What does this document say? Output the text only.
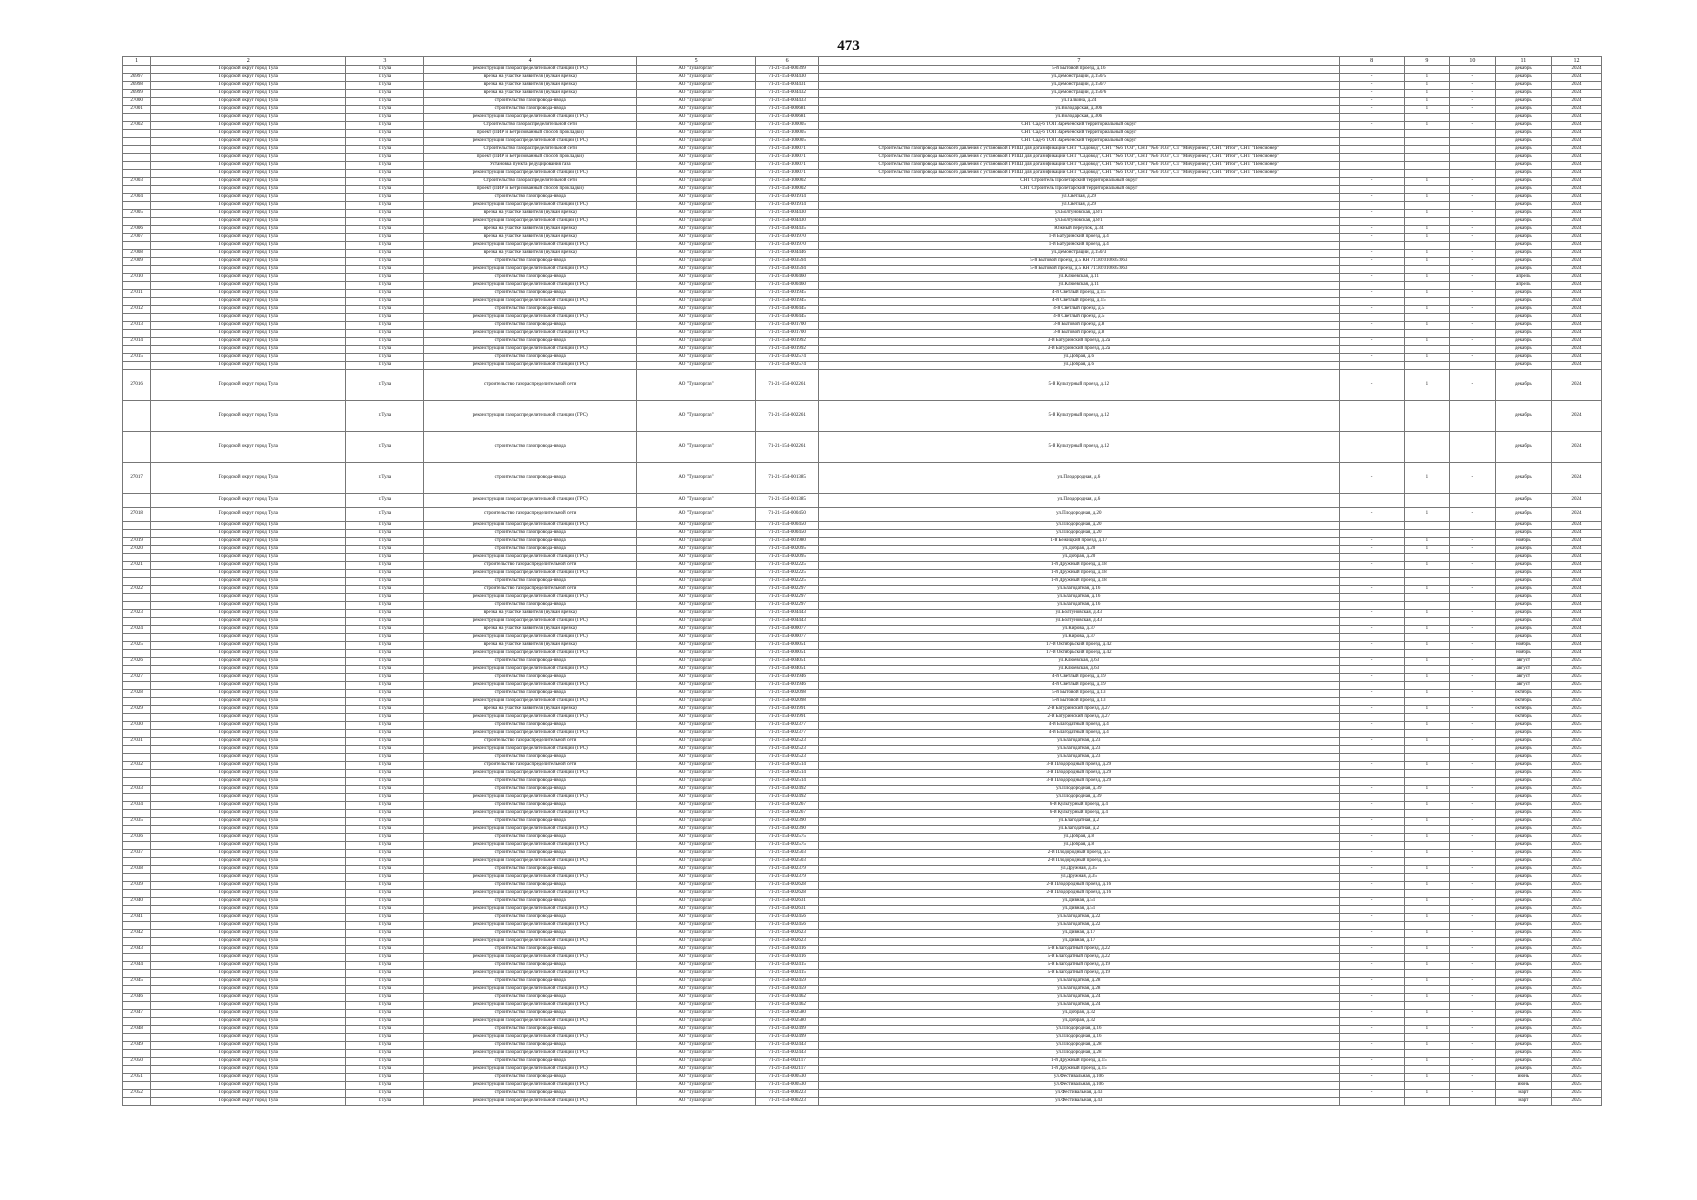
473
1	2	3	4	5	6	7	8	9	10	11	12
	Городской округ город Тула	г.Тула	реконструкция газораспределительной станции (ГРС)	АО "Тулагоргаз"	71-21-154-000399	5-й Бытовой проезд, д.16				декабрь	2024
26997	Городской округ город Тула	г.Тула	врезка на участке заявителя (вулкан врезка)	АО "Тулагоргаз"	71-21-154-004430	ул.Демонстрации, д.150/5	-	1	-	декабрь	2024
26998	Городской округ город Тула	г.Тула	врезка на участке заявителя (вулкан врезка)	АО "Тулагоргаз"	71-21-154-004431	ул.Демонстрации, д.150/7	-	1	-	декабрь	2024
26999	Городской округ город Тула	г.Тула	врезка на участке заявителя (вулкан врезка)	АО "Тулагоргаз"	71-21-154-004432	ул.Демонстрации, д.150/6	-	1	-	декабрь	2024
27000	Городской округ город Тула	г.Тула	строительство газопровода-ввода	АО "Тулагоргаз"	71-21-154-004433	ул.Галкина, д.24	-	1	-	декабрь	2024
27001	Городской округ город Тула	г.Тула	строительство газопровода-ввода	АО "Тулагоргаз"	71-21-154-000681	ул.Володарская, д.30б	-	1	-	декабрь	2024
	Городской округ город Тула	г.Тула	реконструкция газораспределительной станции (ГРС)	АО "Тулагоргаз"	71-21-154-000681	ул.Володарская, д.30б				декабрь	2024
27002	Городской округ город Тула	г.Тула	Строительство газораспределительной сети	АО "Тулагоргаз"	71-21-154-100005	СНТ Сад-6 ТОП Зареченский территориальный округ	-	1	-	декабрь	2024
	Городской округ город Тула	г.Тула	проект (ПИР и Бетризованный способ прокладки)	АО "Тулагоргаз"	71-21-154-100005	СНТ Сад-6 ТОП Зареченский территориальный округ				декабрь	2024
	Городской округ город Тула	г.Тула	реконструкция газораспределительной станции (ГРС)	АО "Тулагоргаз"	71-21-154-100005	СНТ Сад-6 ТОП Зареченский территориальный округ				декабрь	2024
	Городской округ город Тула	г.Тула	Строительство газораспределительной сети	АО "Тулагоргаз"	71-21-154-100071	Строительство газопровода высокого давления с установкой ГРПШ для догазификации СНТ "Садовод", СНТ "№6 ТОЗ", СНТ "№6 ТОЗ", СТ "Мичуринец", СНТ "Итог", СНТ "Пенсионер"				декабрь	2024
	Городской округ город Тула	г.Тула	проект (ПИР и Бетризованный способ прокладки)	АО "Тулагоргаз"	71-21-154-100071	Строительство газопровода высокого давления с установкой ГРПШ для догазификации СНТ "Садовод", СНТ "№6 ТОЗ", СНТ "№6 ТОЗ", СТ "Мичуринец", СНТ "Итог", СНТ "Пенсионер"				декабрь	2024
	Городской округ город Тула	г.Тула	Установка пункта редуцирования газа	АО "Тулагоргаз"	71-21-154-100071	Строительство газопровода высокого давления с установкой ГРПШ для догазификации СНТ "Садовод", СНТ "№6 ТОЗ", СНТ "№6 ТОЗ", СТ "Мичуринец", СНТ "Итог", СНТ "Пенсионер"				декабрь	2024
	Городской округ город Тула	г.Тула	реконструкция газораспределительной станции (ГРС)	АО "Тулагоргаз"	71-21-154-100071	Строительство газопровода высокого давления с установкой ГРПШ для догазификации СНТ "Садовод", СНТ "№6 ТОЗ", СНТ "№6 ТОЗ", СТ "Мичуринец", СНТ "Итог", СНТ "Пенсионер"				декабрь	2024
27003	Городской округ город Тула	г.Тула	Строительство газораспределительной сети	АО "Тулагоргаз"	71-21-154-100002	СНТ Строитель Пролетарский территориальный округ	-	1	-	декабрь	2024
	Городской округ город Тула	г.Тула	проект (ПИР и Бетризованный способ прокладки)	АО "Тулагоргаз"	71-21-154-100002	СНТ Строитель Пролетарский территориальный округ				декабрь	2024
27004	Городской округ город Тула	г.Тула	строительство газопровода-ввода	АО "Тулагоргаз"	71-21-154-001914	ул.Светлая, д.29	-	1	-	декабрь	2024
	Городской округ город Тула	г.Тула	реконструкция газораспределительной станции (ГРС)	АО "Тулагоргаз"	71-21-154-001914	ул.Светлая, д.29				декабрь	2024
27005	Городской округ город Тула	г.Тула	врезка на участке заявителя (вулкан врезка)	АО "Тулагоргаз"	71-21-154-004430	ул.Болтуновская, д.8/1	-	1	-	декабрь	2024
	Городской округ город Тула	г.Тула	реконструкция газораспределительной станции (ГРС)	АО "Тулагоргаз"	71-21-154-004430	ул.Болтуновская, д.8/1				декабрь	2024
27006	Городской округ город Тула	г.Тула	врезка на участке заявителя (вулкан врезка)	АО "Тулагоргаз"	71-21-154-004435	Южный переулок, д.34	-	1	-	декабрь	2024
27007	Городской округ город Тула	г.Тула	врезка на участке заявителя (вулкан врезка)	АО "Тулагоргаз"	71-21-154-001970	1-й Батуринский проезд, д.4	-	1	-	декабрь	2024
	Городской округ город Тула	г.Тула	реконструкция газораспределительной станции (ГРС)	АО "Тулагоргаз"	71-21-154-001970	1-й Батуринский проезд, д.4				декабрь	2024
27008	Городской округ город Тула	г.Тула	врезка на участке заявителя (вулкан врезка)	АО "Тулагоргаз"	71-21-154-004446	ул.Демонстрации, д.150/3	-	1	-	декабрь	2024
27009	Городской округ город Тула	г.Тула	строительство газопровода-ввода	АО "Тулагоргаз"	71-21-154-003594	5-й Бытовой проезд, д.5 КН 71:30:010605:063	-	1	-	декабрь	2024
	Городской округ город Тула	г.Тула	реконструкция газораспределительной станции (ГРС)	АО "Тулагоргаз"	71-21-154-003594	5-й Бытовой проезд, д.5 КН 71:30:010605:063				декабрь	2024
27010	Городской округ город Тула	г.Тула	строительство газопровода-ввода	АО "Тулагоргаз"	71-21-154-000460	ул.Клюевская, д.11	-	1	-	апрель	2024
	Городской округ город Тула	г.Тула	реконструкция газораспределительной станции (ГРС)	АО "Тулагоргаз"	71-21-154-000460	ул.Клюевская, д.11				апрель	2024
27011	Городской округ город Тула	г.Тула	строительство газопровода-ввода	АО "Тулагоргаз"	71-21-154-001945	4-й Светлый проезд, д.15	-	1	-	декабрь	2024
	Городской округ город Тула	г.Тула	реконструкция газораспределительной станции (ГРС)	АО "Тулагоргаз"	71-21-154-001945	4-й Светлый проезд, д.15				декабрь	2024
27012	Городской округ город Тула	г.Тула	строительство газопровода-ввода	АО "Тулагоргаз"	71-21-154-000445	4-й Светлый проезд, д.5	-	1	-	декабрь	2024
	Городской округ город Тула	г.Тула	реконструкция газораспределительной станции (ГРС)	АО "Тулагоргаз"	71-21-154-000445	4-й Светлый проезд, д.5				декабрь	2024
27013	Городской округ город Тула	г.Тула	строительство газопровода-ввода	АО "Тулагоргаз"	71-21-154-001700	3-й Бытовой проезд, д.8	-	1	-	декабрь	2024
	Городской округ город Тула	г.Тула	реконструкция газораспределительной станции (ГРС)	АО "Тулагоргаз"	71-21-154-001700	3-й Бытовой проезд, д.8				декабрь	2024
27014	Городской округ город Тула	г.Тула	строительство газопровода-ввода	АО "Тулагоргаз"	71-21-154-001992	3-й Батуринский проезд, д.2а	-	1	-	декабрь	2024
	Городской округ город Тула	г.Тула	реконструкция газораспределительной станции (ГРС)	АО "Тулагоргаз"	71-21-154-001992	3-й Батуринский проезд, д.2а				декабрь	2024
27015	Городской округ город Тула	г.Тула	строительство газопровода-ввода	АО "Тулагоргаз"	71-21-154-002574	ул.Добрая, д.6	-	1	-	декабрь	2024
	Городской округ город Тула	г.Тула	реконструкция газораспределительной станции (ГРС)	АО "Тулагоргаз"	71-21-154-002574	ул.Добрая, д.6				декабрь	2024
27016	Городской округ город Тула	г.Тула	строительство газораспределительной сети	АО "Тулагоргаз"	71-21-154-002261	5-й Культурный проезд, д.12	-	1	-	декабрь	2024
	Городской округ город Тула	г.Тула	реконструкция газораспределительной станции (ГРС)	АО "Тулагоргаз"	71-21-154-002261	5-й Культурный проезд, д.12				декабрь	2024
	Городской округ город Тула	г.Тула	строительство газопровода-ввода	АО "Тулагоргаз"	71-21-154-002261	5-й Культурный проезд, д.12				декабрь	2024
27017	Городской округ город Тула	г.Тула	строительство газопровода-ввода	АО "Тулагоргаз"	71-21-154-001385	ул.Плодородная, д.6	-	1	-	декабрь	2024
	Городской округ город Тула	г.Тула	реконструкция газораспределительной станции (ГРС)	АО "Тулагоргаз"	71-21-154-001385	ул.Плодородная, д.6				декабрь	2024
27018	Городской округ город Тула	г.Тула	строительство газораспределительной сети	АО "Тулагоргаз"	71-21-154-000450	ул.Плодородная, д.20	-	1	-	декабрь	2024
	Городской округ город Тула	г.Тула	реконструкция газораспределительной станции (ГРС)	АО "Тулагоргаз"	71-21-154-000450	ул.Плодородная, д.20				декабрь	2024
	Городской округ город Тула	г.Тула	строительство газопровода-ввода	АО "Тулагоргаз"	71-21-154-000450	ул.Плодородная, д.20				декабрь	2024
27019	Городской округ город Тула	г.Тула	строительство газопровода-ввода	АО "Тулагоргаз"	71-21-154-001980	1-й Бежицкий проезд, д.17	-	1	-	ноябрь	2024
27020	Городской округ город Тула	г.Тула	строительство газопровода-ввода	АО "Тулагоргаз"	71-21-154-002095	ул.Добрая, д.20	-	1	-	декабрь	2024
	Городской округ город Тула	г.Тула	реконструкция газораспределительной станции (ГРС)	АО "Тулагоргаз"	71-21-154-002095	ул.Добрая, д.20				декабрь	2024
27021	Городской округ город Тула	г.Тула	строительство газораспределительной сети	АО "Тулагоргаз"	71-21-154-002225	1-й Дружный проезд, д.18	-	1	-	декабрь	2024
	Городской округ город Тула	г.Тула	реконструкция газораспределительной станции (ГРС)	АО "Тулагоргаз"	71-21-154-002225	1-й Дружный проезд, д.18				декабрь	2024
	Городской округ город Тула	г.Тула	строительство газопровода-ввода	АО "Тулагоргаз"	71-21-154-002225	1-й Дружный проезд, д.18				декабрь	2024
27022	Городской округ город Тула	г.Тула	строительство газораспределительной сети	АО "Тулагоргаз"	71-21-154-002297	ул.Благодатная, д.16	-	1	-	декабрь	2024
	Городской округ город Тула	г.Тула	реконструкция газораспределительной станции (ГРС)	АО "Тулагоргаз"	71-21-154-002297	ул.Благодатная, д.16				декабрь	2024
	Городской округ город Тула	г.Тула	строительство газопровода-ввода	АО "Тулагоргаз"	71-21-154-002297	ул.Благодатная, д.16				декабрь	2024
27023	Городской округ город Тула	г.Тула	врезка на участке заявителя (вулкан врезка)	АО "Тулагоргаз"	71-21-154-004443	ул.Болтуновская, д.43	-	1	-	декабрь	2024
	Городской округ город Тула	г.Тула	реконструкция газораспределительной станции (ГРС)	АО "Тулагоргаз"	71-21-154-004443	ул.Болтуновская, д.43				декабрь	2024
27024	Городской округ город Тула	г.Тула	врезка на участке заявителя (вулкан врезка)	АО "Тулагоргаз"	71-21-154-000077	ул.Кирова, д.37	-	1	-	декабрь	2024
	Городской округ город Тула	г.Тула	реконструкция газораспределительной станции (ГРС)	АО "Тулагоргаз"	71-21-154-000077	ул.Кирова, д.37				декабрь	2024
27025	Городской округ город Тула	г.Тула	врезка на участке заявителя (вулкан врезка)	АО "Тулагоргаз"	71-21-154-000051	17-й Октябрьский проезд, д.42	-	1	-	ноябрь	2024
	Городской округ город Тула	г.Тула	реконструкция газораспределительной станции (ГРС)	АО "Тулагоргаз"	71-21-154-000051	17-й Октябрьский проезд, д.42				ноябрь	2024
27026	Городской округ город Тула	г.Тула	строительство газопровода-ввода	АО "Тулагоргаз"	71-21-154-004051	ул.Клюевская, д.63	-	1	-	август	2025
	Городской округ город Тула	г.Тула	реконструкция газораспределительной станции (ГРС)	АО "Тулагоргаз"	71-21-154-004051	ул.Клюевская, д.63				август	2025
27027	Городской округ город Тула	г.Тула	строительство газопровода-ввода	АО "Тулагоргаз"	71-21-154-001946	4-й Светлый проезд, д.19	-	1	-	август	2025
	Городской округ город Тула	г.Тула	реконструкция газораспределительной станции (ГРС)	АО "Тулагоргаз"	71-21-154-001946	4-й Светлый проезд, д.19				август	2025
27028	Городской округ город Тула	г.Тула	строительство газопровода-ввода	АО "Тулагоргаз"	71-21-154-002098	5-й Бытовой проезд, д.13	-	1	-	октябрь	2025
	Городской округ город Тула	г.Тула	реконструкция газораспределительной станции (ГРС)	АО "Тулагоргаз"	71-21-154-002098	5-й Бытовой проезд, д.13				октябрь	2025
27029	Городской округ город Тула	г.Тула	врезка на участке заявителя (вулкан врезка)	АО "Тулагоргаз"	71-21-154-001991	2-й Батуринский проезд, д.27	-	1	-	октябрь	2025
	Городской округ город Тула	г.Тула	реконструкция газораспределительной станции (ГРС)	АО "Тулагоргаз"	71-21-154-001991	2-й Батуринский проезд, д.27				октябрь	2025
27030	Городской округ город Тула	г.Тула	строительство газопровода-ввода	АО "Тулагоргаз"	71-21-154-002377	4-й Благодатный проезд, д.4	-	1	-	декабрь	2025
	Городской округ город Тула	г.Тула	реконструкция газораспределительной станции (ГРС)	АО "Тулагоргаз"	71-21-154-002377	4-й Благодатный проезд, д.4				декабрь	2025
27031	Городской округ город Тула	г.Тула	строительство газораспределительной сети	АО "Тулагоргаз"	71-21-154-002523	ул.Благодатная, д.23	-	1	-	декабрь	2025
	Городской округ город Тула	г.Тула	реконструкция газораспределительной станции (ГРС)	АО "Тулагоргаз"	71-21-154-002523	ул.Благодатная, д.23				декабрь	2025
	Городской округ город Тула	г.Тула	строительство газопровода-ввода	АО "Тулагоргаз"	71-21-154-002523	ул.Благодатная, д.23				декабрь	2025
27032	Городской округ город Тула	г.Тула	строительство газораспределительной сети	АО "Тулагоргаз"	71-21-154-002514	3-й Плодородный проезд, д.29	-	1	-	декабрь	2025
	Городской округ город Тула	г.Тула	реконструкция газораспределительной станции (ГРС)	АО "Тулагоргаз"	71-21-154-002514	3-й Плодородный проезд, д.29				декабрь	2025
	Городской округ город Тула	г.Тула	строительство газопровода-ввода	АО "Тулагоргаз"	71-21-154-002514	3-й Плодородный проезд, д.29				декабрь	2025
27033	Городской округ город Тула	г.Тула	строительство газопровода-ввода	АО "Тулагоргаз"	71-21-154-002492	ул.Плодородная, д.39	-	1	-	декабрь	2025
	Городской округ город Тула	г.Тула	реконструкция газораспределительной станции (ГРС)	АО "Тулагоргаз"	71-21-154-002492	ул.Плодородная, д.39				декабрь	2025
27034	Городской округ город Тула	г.Тула	строительство газопровода-ввода	АО "Тулагоргаз"	71-21-154-002267	6-й Культурный проезд, д.4	-	1	-	декабрь	2025
	Городской округ город Тула	г.Тула	реконструкция газораспределительной станции (ГРС)	АО "Тулагоргаз"	71-21-154-002267	6-й Культурный проезд, д.4				декабрь	2025
27035	Городской округ город Тула	г.Тула	строительство газопровода-ввода	АО "Тулагоргаз"	71-21-154-002390	ул.Благодатная, д.2	-	1	-	декабрь	2025
	Городской округ город Тула	г.Тула	реконструкция газораспределительной станции (ГРС)	АО "Тулагоргаз"	71-21-154-002390	ул.Благодатная, д.2				декабрь	2025
27036	Городской округ город Тула	г.Тула	строительство газопровода-ввода	АО "Тулагоргаз"	71-21-154-002575	ул.Добрая, д.8	-	1	-	декабрь	2025
	Городской округ город Тула	г.Тула	реконструкция газораспределительной станции (ГРС)	АО "Тулагоргаз"	71-21-154-002575	ул.Добрая, д.8				декабрь	2025
27037	Городской округ город Тула	г.Тула	строительство газопровода-ввода	АО "Тулагоргаз"	71-21-154-002503	2-й Плодородный проезд, д.5	-	1	-	декабрь	2025
	Городской округ город Тула	г.Тула	реконструкция газораспределительной станции (ГРС)	АО "Тулагоргаз"	71-21-154-002503	2-й Плодородный проезд, д.5				декабрь	2025
27038	Городской округ город Тула	г.Тула	строительство газопровода-ввода	АО "Тулагоргаз"	71-21-154-002379	ул.Дружная, д.35	-	1	-	декабрь	2025
	Городской округ город Тула	г.Тула	реконструкция газораспределительной станции (ГРС)	АО "Тулагоргаз"	71-21-154-002379	ул.Дружная, д.35				декабрь	2025
27039	Городской округ город Тула	г.Тула	строительство газопровода-ввода	АО "Тулагоргаз"	71-21-154-002628	2-й Плодородный проезд, д.16	-	1	-	декабрь	2025
	Городской округ город Тула	г.Тула	реконструкция газораспределительной станции (ГРС)	АО "Тулагоргаз"	71-21-154-002628	2-й Плодородный проезд, д.16				декабрь	2025
27040	Городской округ город Тула	г.Тула	строительство газопровода-ввода	АО "Тулагоргаз"	71-21-154-002631	ул.Дивная, д.51	-	1	-	декабрь	2025
	Городской округ город Тула	г.Тула	реконструкция газораспределительной станции (ГРС)	АО "Тулагоргаз"	71-21-154-002631	ул.Дивная, д.51				декабрь	2025
27041	Городской округ город Тула	г.Тула	строительство газопровода-ввода	АО "Тулагоргаз"	71-21-154-002456	ул.Благодатная, д.22	-	1	-	декабрь	2025
	Городской округ город Тула	г.Тула	реконструкция газораспределительной станции (ГРС)	АО "Тулагоргаз"	71-21-154-002456	ул.Благодатная, д.22				декабрь	2025
27042	Городской округ город Тула	г.Тула	строительство газопровода-ввода	АО "Тулагоргаз"	71-21-154-002623	ул.Дивная, д.17	-	1	-	декабрь	2025
	Городской округ город Тула	г.Тула	реконструкция газораспределительной станции (ГРС)	АО "Тулагоргаз"	71-21-154-002623	ул.Дивная, д.17				декабрь	2025
27043	Городской округ город Тула	г.Тула	строительство газопровода-ввода	АО "Тулагоргаз"	71-21-154-002416	5-й Благодатный проезд, д.22	-	1	-	декабрь	2025
	Городской округ город Тула	г.Тула	реконструкция газораспределительной станции (ГРС)	АО "Тулагоргаз"	71-21-154-002416	5-й Благодатный проезд, д.22				декабрь	2025
27044	Городской округ город Тула	г.Тула	строительство газопровода-ввода	АО "Тулагоргаз"	71-21-154-002415	5-й Благодатный проезд, д.19	-	1	-	декабрь	2025
	Городской округ город Тула	г.Тула	реконструкция газораспределительной станции (ГРС)	АО "Тулагоргаз"	71-21-154-002415	5-й Благодатный проезд, д.19				декабрь	2025
27045	Городской округ город Тула	г.Тула	строительство газопровода-ввода	АО "Тулагоргаз"	71-21-154-002459	ул.Благодатная, д.28	-	1	-	декабрь	2025
	Городской округ город Тула	г.Тула	реконструкция газораспределительной станции (ГРС)	АО "Тулагоргаз"	71-21-154-002459	ул.Благодатная, д.28				декабрь	2025
27046	Городской округ город Тула	г.Тула	строительство газопровода-ввода	АО "Тулагоргаз"	71-21-154-002462	ул.Благодатная, д.24	-	1	-	декабрь	2025
	Городской округ город Тула	г.Тула	реконструкция газораспределительной станции (ГРС)	АО "Тулагоргаз"	71-21-154-002462	ул.Благодатная, д.24				декабрь	2025
27047	Городской округ город Тула	г.Тула	строительство газопровода-ввода	АО "Тулагоргаз"	71-21-154-002580	ул.Добрая, д.32	-	1	-	декабрь	2025
	Городской округ город Тула	г.Тула	реконструкция газораспределительной станции (ГРС)	АО "Тулагоргаз"	71-21-154-002580	ул.Добрая, д.32				декабрь	2025
27048	Городской округ город Тула	г.Тула	строительство газопровода-ввода	АО "Тулагоргаз"	71-21-154-002499	ул.Плодородная, д.16	-	1	-	декабрь	2025
	Городской округ город Тула	г.Тула	реконструкция газораспределительной станции (ГРС)	АО "Тулагоргаз"	71-21-154-002499	ул.Плодородная, д.16				декабрь	2025
27049	Городской округ город Тула	г.Тула	строительство газопровода-ввода	АО "Тулагоргаз"	71-21-154-002443	ул.Плодородная, д.28	-	1	-	декабрь	2025
	Городской округ город Тула	г.Тула	реконструкция газораспределительной станции (ГРС)	АО "Тулагоргаз"	71-21-154-002443	ул.Плодородная, д.28				декабрь	2025
27050	Городской округ город Тула	г.Тула	строительство газопровода-ввода	АО "Тулагоргаз"	71-21-154-002117	1-й Дружный проезд, д.15	-	1	-	декабрь	2025
	Городской округ город Тула	г.Тула	реконструкция газораспределительной станции (ГРС)	АО "Тулагоргаз"	71-21-154-002117	1-й Дружный проезд, д.15				декабрь	2025
27051	Городской округ город Тула	г.Тула	строительство газопровода-ввода	АО "Тулагоргаз"	71-21-154-000530	ул.Фестивальная, д.10б	-	1	-	июнь	2025
	Городской округ город Тула	г.Тула	реконструкция газораспределительной станции (ГРС)	АО "Тулагоргаз"	71-21-154-000530	ул.Фестивальная, д.10б				июнь	2025
27052	Городской округ город Тула	г.Тула	строительство газопровода-ввода	АО "Тулагоргаз"	71-21-154-000223	ул.Фестивальная, д.43	-	1	-	март	2025
	Городской округ город Тула	г.Тула	реконструкция газораспределительной станции (ГРС)	АО "Тулагоргаз"	71-21-154-000223	ул.Фестивальная, д.43				март	2025
